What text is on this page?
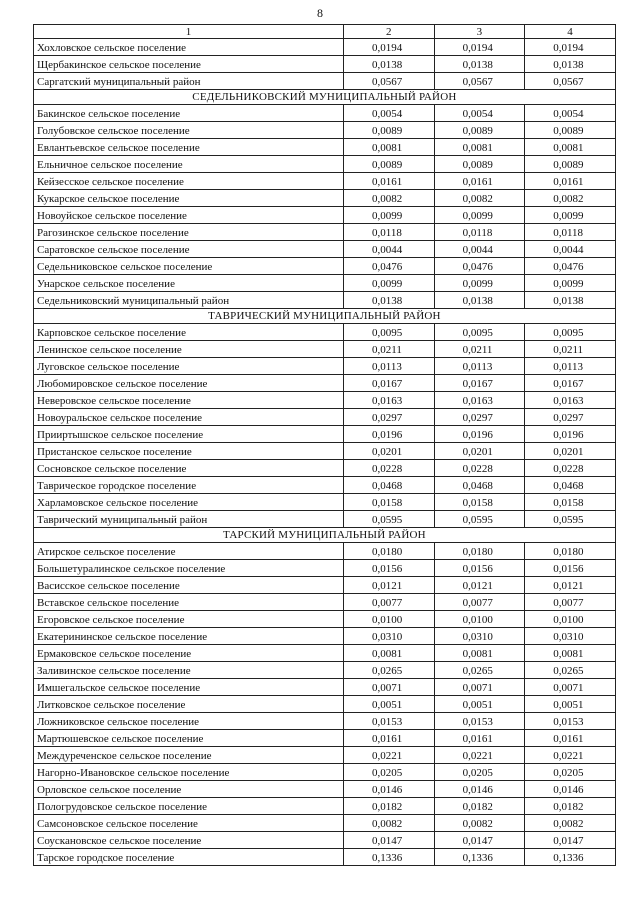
8
1	2	3	4
Хохловское сельское поселение	0,0194	0,0194	0,0194
Щербакинское сельское поселение	0,0138	0,0138	0,0138
Саргатский муниципальный район	0,0567	0,0567	0,0567
СЕДЕЛЬНИКОВСКИЙ МУНИЦИПАЛЬНЫЙ РАЙОН			
Бакинское сельское поселение	0,0054	0,0054	0,0054
Голубовское сельское поселение	0,0089	0,0089	0,0089
Евлантьевское сельское поселение	0,0081	0,0081	0,0081
Ельничное сельское поселение	0,0089	0,0089	0,0089
Кейзесское сельское поселение	0,0161	0,0161	0,0161
Кукарское сельское поселение	0,0082	0,0082	0,0082
Новоуйское сельское поселение	0,0099	0,0099	0,0099
Рагозинское сельское поселение	0,0118	0,0118	0,0118
Саратовское сельское поселение	0,0044	0,0044	0,0044
Седельниковское сельское поселение	0,0476	0,0476	0,0476
Унарское сельское поселение	0,0099	0,0099	0,0099
Седельниковский муниципальный район	0,0138	0,0138	0,0138
ТАВРИЧЕСКИЙ МУНИЦИПАЛЬНЫЙ РАЙОН			
Карповское сельское поселение	0,0095	0,0095	0,0095
Ленинское сельское поселение	0,0211	0,0211	0,0211
Луговское сельское поселение	0,0113	0,0113	0,0113
Любомировское сельское поселение	0,0167	0,0167	0,0167
Неверовское сельское поселение	0,0163	0,0163	0,0163
Новоуральское сельское поселение	0,0297	0,0297	0,0297
Прииртышское сельское поселение	0,0196	0,0196	0,0196
Пристанское сельское поселение	0,0201	0,0201	0,0201
Сосновское сельское поселение	0,0228	0,0228	0,0228
Таврическое городское поселение	0,0468	0,0468	0,0468
Харламовское сельское поселение	0,0158	0,0158	0,0158
Таврический муниципальный район	0,0595	0,0595	0,0595
ТАРСКИЙ МУНИЦИПАЛЬНЫЙ РАЙОН			
Атирское сельское поселение	0,0180	0,0180	0,0180
Большетуралинское сельское поселение	0,0156	0,0156	0,0156
Васисское сельское поселение	0,0121	0,0121	0,0121
Вставское сельское поселение	0,0077	0,0077	0,0077
Егоровское сельское поселение	0,0100	0,0100	0,0100
Екатерининское сельское поселение	0,0310	0,0310	0,0310
Ермаковское сельское поселение	0,0081	0,0081	0,0081
Заливинское сельское поселение	0,0265	0,0265	0,0265
Имшегальское сельское поселение	0,0071	0,0071	0,0071
Литковское сельское поселение	0,0051	0,0051	0,0051
Ложниковское сельское поселение	0,0153	0,0153	0,0153
Мартюшевское сельское поселение	0,0161	0,0161	0,0161
Междуреченское сельское поселение	0,0221	0,0221	0,0221
Нагорно-Ивановское сельское поселение	0,0205	0,0205	0,0205
Орловское сельское поселение	0,0146	0,0146	0,0146
Пологрудовское сельское поселение	0,0182	0,0182	0,0182
Самсоновское сельское поселение	0,0082	0,0082	0,0082
Соускановское сельское поселение	0,0147	0,0147	0,0147
Тарское городское поселение	0,1336	0,1336	0,1336
